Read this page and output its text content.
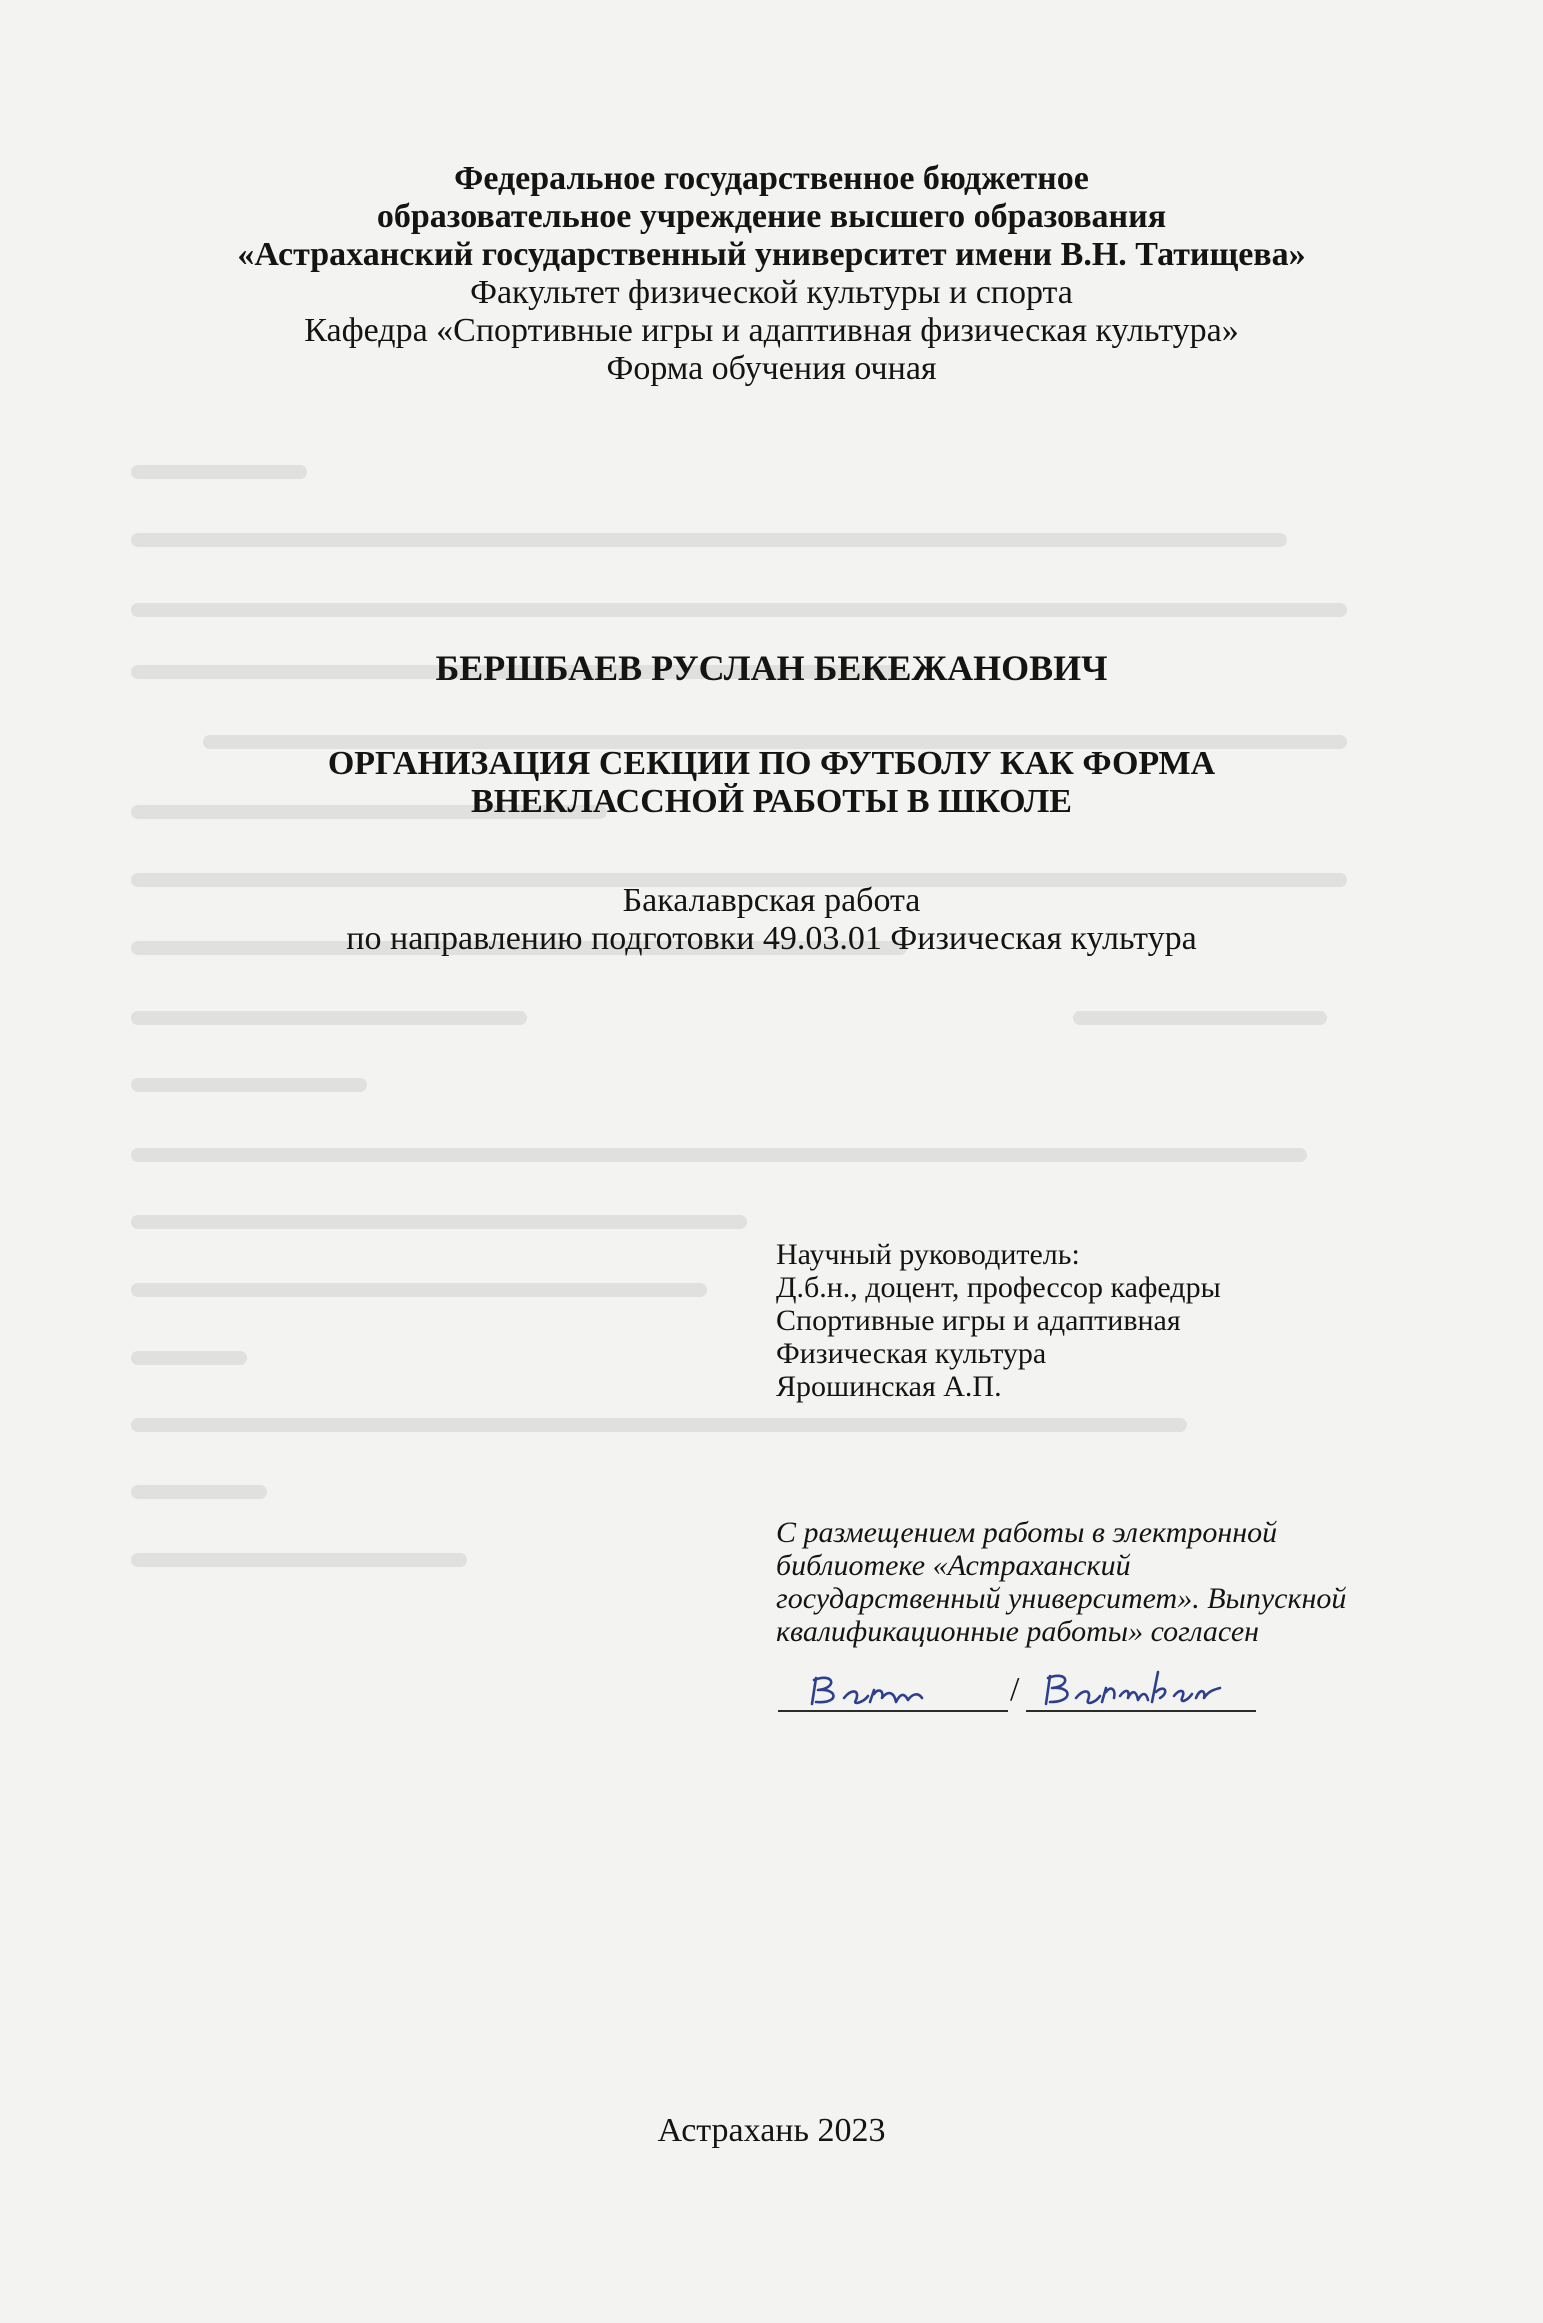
Федеральное государственное бюджетное
образовательное учреждение высшего образования
«Астраханский государственный университет имени В.Н. Татищева»
Факультет физической культуры и спорта
Кафедра «Спортивные игры и адаптивная физическая культура»
Форма обучения очная
БЕРШБАЕВ РУСЛАН БЕКЕЖАНОВИЧ
ОРГАНИЗАЦИЯ СЕКЦИИ ПО ФУТБОЛУ КАК ФОРМА
ВНЕКЛАССНОЙ РАБОТЫ В ШКОЛЕ
Бакалаврская работа
по направлению подготовки 49.03.01 Физическая культура
Научный руководитель:
Д.б.н., доцент, профессор кафедры
Спортивные игры и адаптивная
Физическая культура
Ярошинская А.П.
С размещением работы в электронной
библиотеке «Астраханский
государственный университет». Выпускной
квалификационные работы» согласен
/
Астрахань 2023
